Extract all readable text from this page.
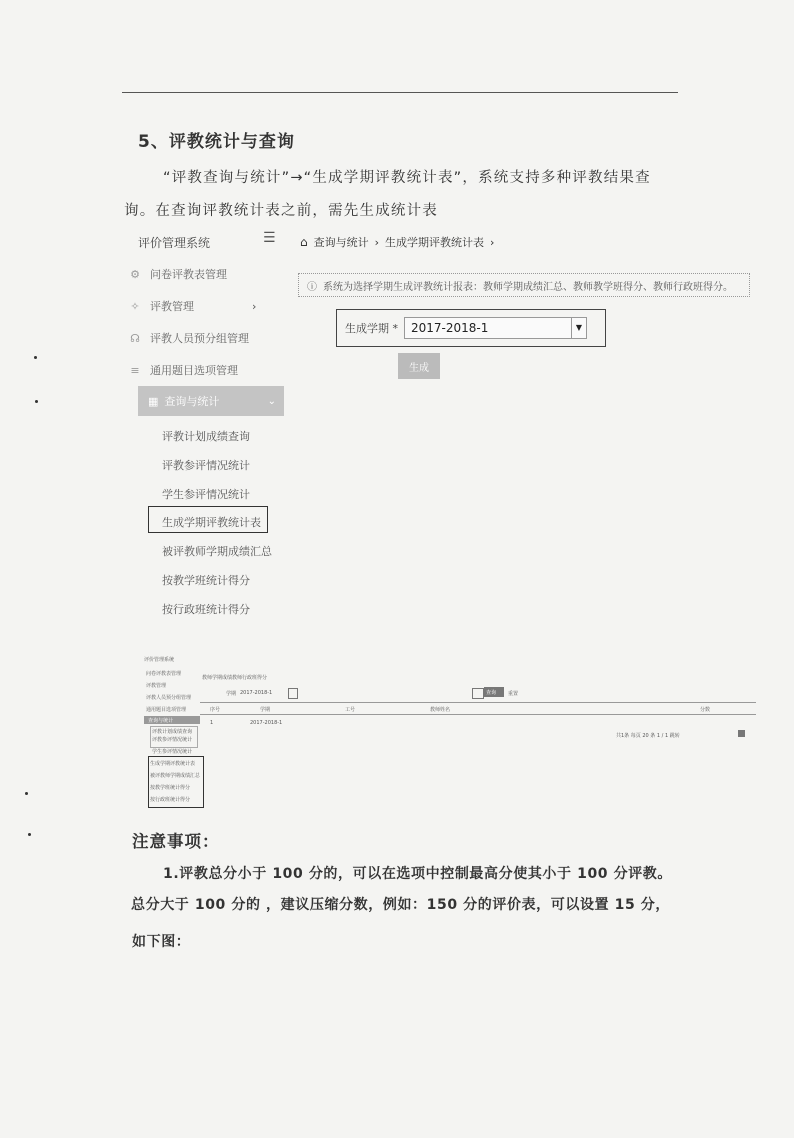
5、评教统计与查询
“评教查询与统计”→“生成学期评教统计表”，系统支持多种评教结果查
询。在查询评教统计表之前，需先生成统计表
评价管理系统	☰ ⌂ 查询与统计 › 生成学期评教统计表 ›
⚙ 问卷评教表管理
✧ 评教管理	›
☊ 评教人员预分组管理
≡ 通用题目选项管理
▦ 查询与统计	⌄
评教计划成绩查询
评教参评情况统计
学生参评情况统计
生成学期评教统计表
被评教师学期成绩汇总
按教学班统计得分
按行政班统计得分
ⓘ 系统为选择学期生成评教统计报表：教师学期成绩汇总、教师教学班得分、教师行政班得分。
生成学期 *	2017-2018-1	▼
生成
评价管理系统
问卷评教表管理
评教管理
评教人员预分组管理
通用题目选项管理
查询与统计
评教计划成绩查询
评教参评情况统计
学生参评情况统计
生成学期评教统计表
被评教师学期成绩汇总
按教学班统计得分
按行政班统计得分
教师学期成绩 教师行政班得分
学期 2017-2018-1	查询 重置
序号	学期	工号	教师姓名	分数
1	2017-2018-1
共1条 每页 20 条 1 / 1 跳转
注意事项：
1.评教总分小于 100 分的，可以在选项中控制最高分使其小于 100 分评教。
总分大于 100 分的 ，建议压缩分数，例如：150 分的评价表，可以设置 15 分，
如下图：
